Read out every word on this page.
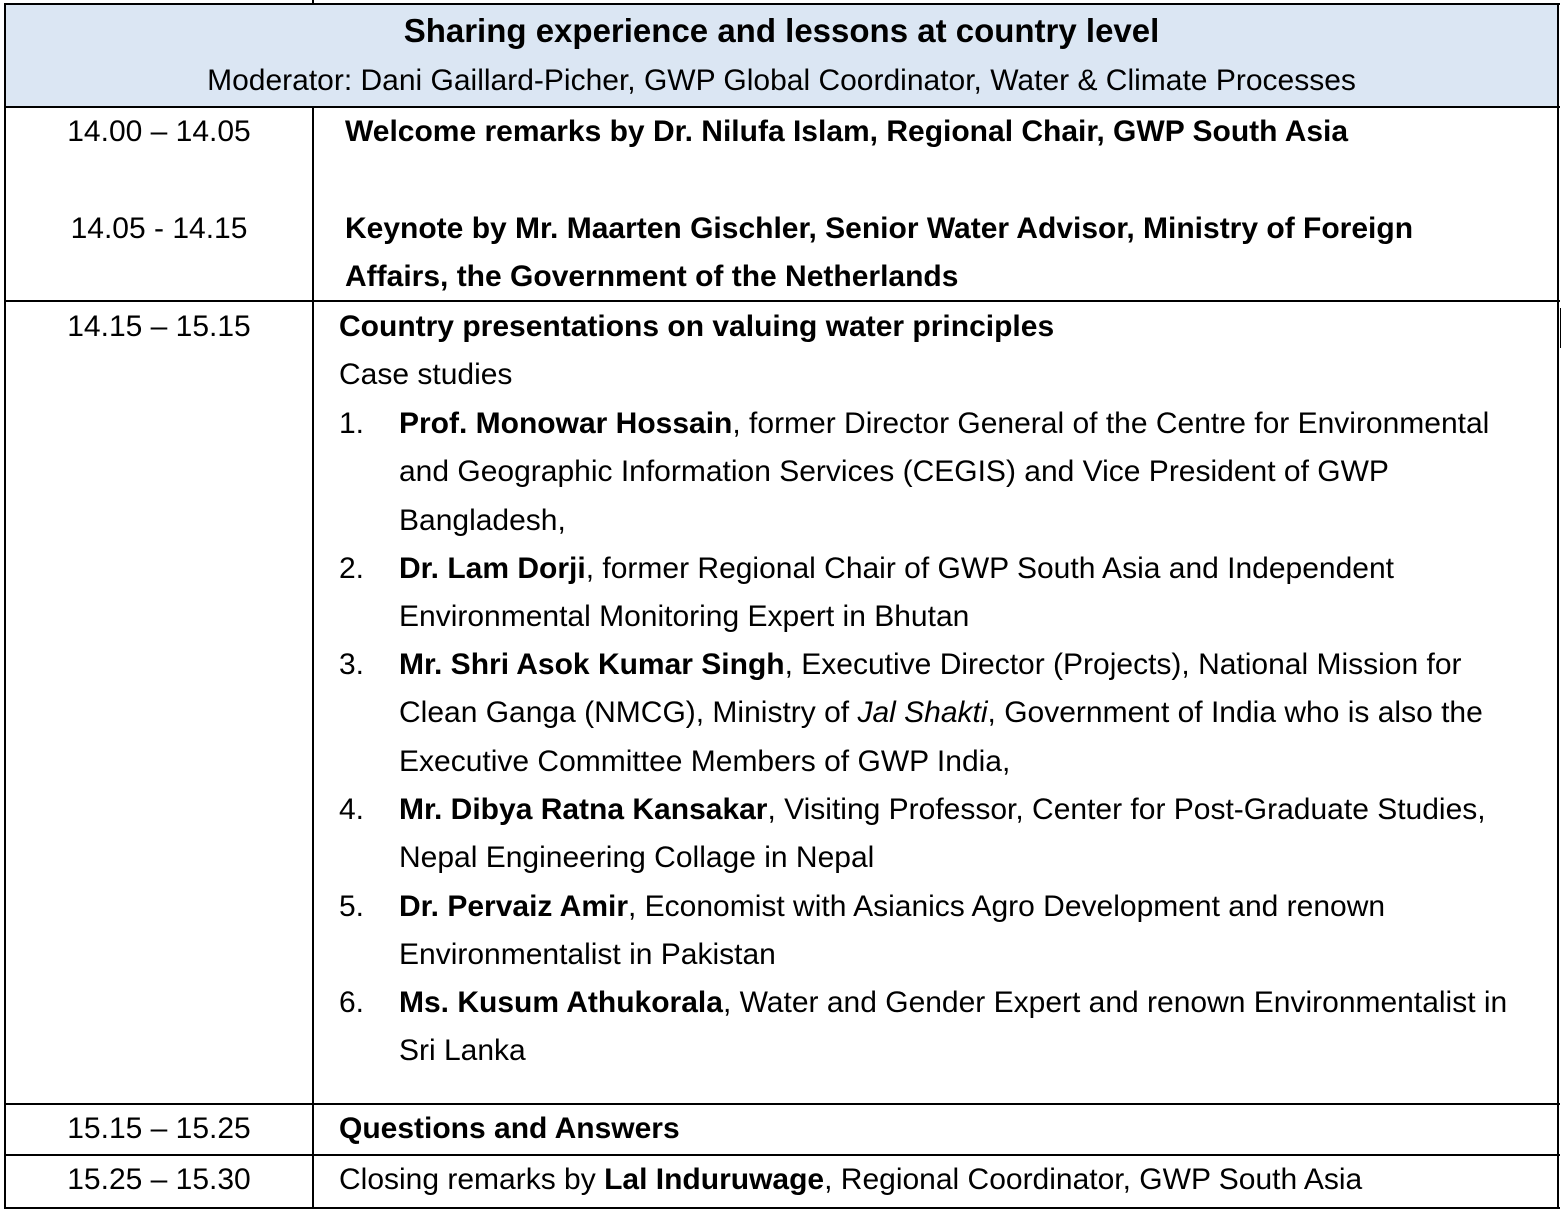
Sharing experience and lessons at country level
Moderator: Dani Gaillard-Picher, GWP Global Coordinator, Water & Climate Processes
14.00 – 14.05	Welcome remarks by Dr. Nilufa Islam, Regional Chair, GWP South Asia
14.05 - 14.15	Keynote by Mr. Maarten Gischler, Senior Water Advisor, Ministry of Foreign
Affairs, the Government of the Netherlands
14.15 – 15.15	Country presentations on valuing water principles
Case studies
1. Prof. Monowar Hossain, former Director General of the Centre for Environmental and Geographic Information Services (CEGIS) and Vice President of GWP Bangladesh,
2. Dr. Lam Dorji, former Regional Chair of GWP South Asia and Independent Environmental Monitoring Expert in Bhutan
3. Mr. Shri Asok Kumar Singh, Executive Director (Projects), National Mission for Clean Ganga (NMCG), Ministry of Jal Shakti, Government of India who is also the Executive Committee Members of GWP India,
4. Mr. Dibya Ratna Kansakar, Visiting Professor, Center for Post-Graduate Studies, Nepal Engineering Collage in Nepal
5. Dr. Pervaiz Amir, Economist with Asianics Agro Development and renown Environmentalist in Pakistan
6. Ms. Kusum Athukorala, Water and Gender Expert and renown Environmentalist in Sri Lanka
15.15 – 15.25	Questions and Answers
15.25 – 15.30	Closing remarks by Lal Induruwage, Regional Coordinator, GWP South Asia
